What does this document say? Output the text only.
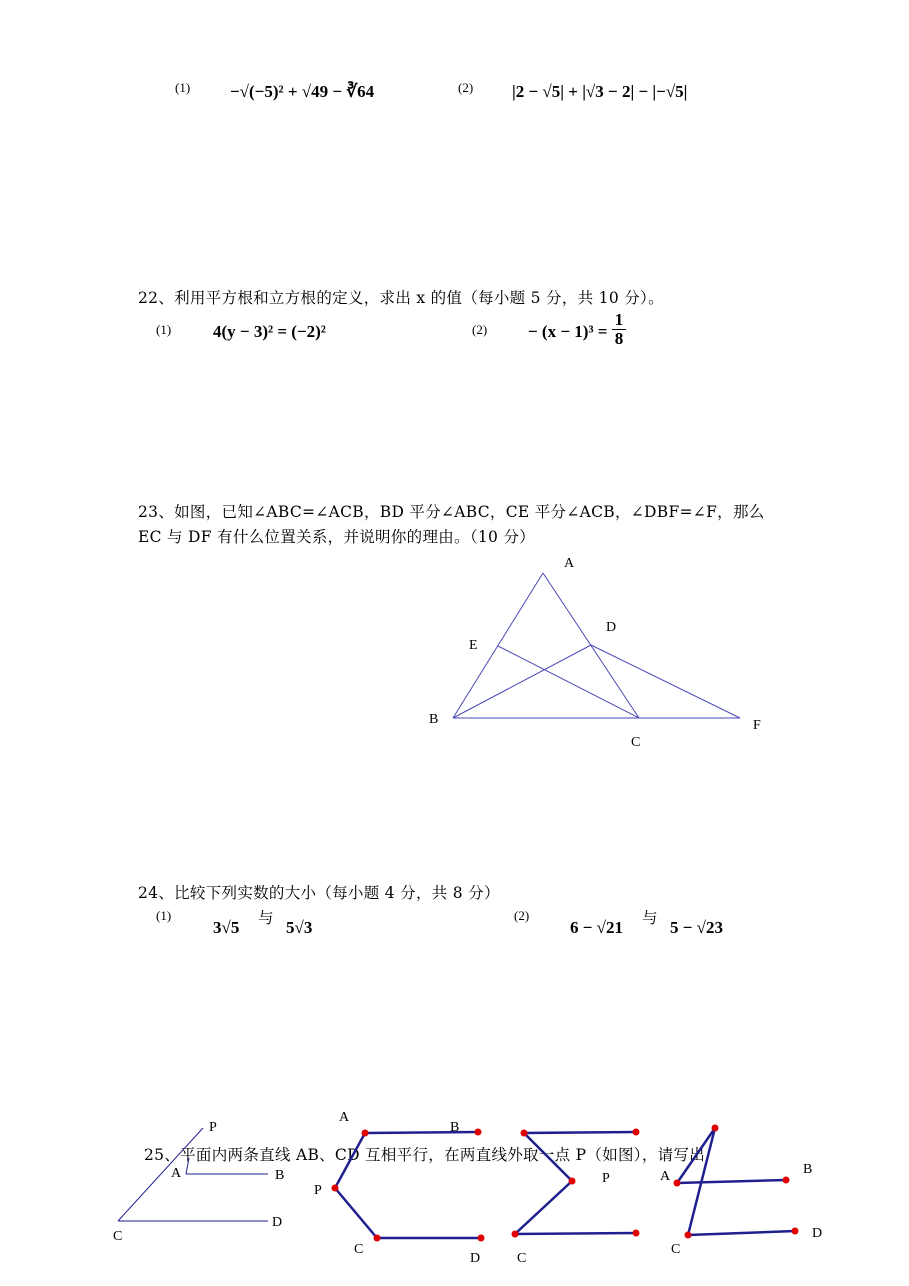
(1) −√(−5)² + √49 − ∛64	(2) |2 − √5| + |√3 − 2| − |−√5|
22、利用平方根和立方根的定义，求出 x 的值（每小题 5 分，共 10 分）。
(1) 4(y − 3)² = (−2)²	$(2) - (x - 1)^3 = \frac{1}{8}$
23、如图，已知∠ABC=∠ACB，BD 平分∠ABC，CE 平分∠ACB，∠DBF=∠F，那么
EC 与 DF 有什么位置关系，并说明你的理由。（10 分）
A
B
C
D
E
F
24、比较下列实数的大小（每小题 4 分，共 8 分）
(1)
3√5 与 5√3
(2)
6 − √21 与 5 − √23
25、平面内两条直线 AB、CD 互相平行，在两直线外取一点 P（如图），请写出
P
A	B
C
D
A
B
P
C
D
P
C
A	B
C
D
